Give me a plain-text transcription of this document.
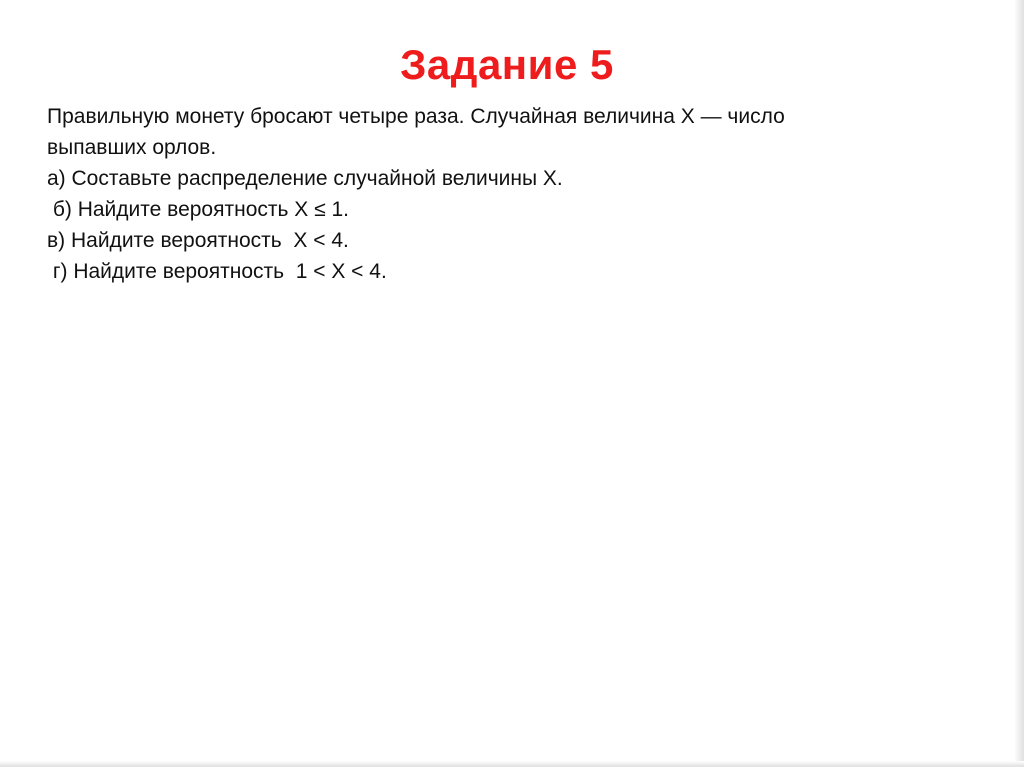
Задание 5
Правильную монету бросают четыре раза. Случайная величина X — число
выпавших орлов.
а) Составьте распределение случайной величины X.
б) Найдите вероятность X ≤ 1.
в) Найдите вероятность  X < 4.
г) Найдите вероятность  1 < X < 4.
